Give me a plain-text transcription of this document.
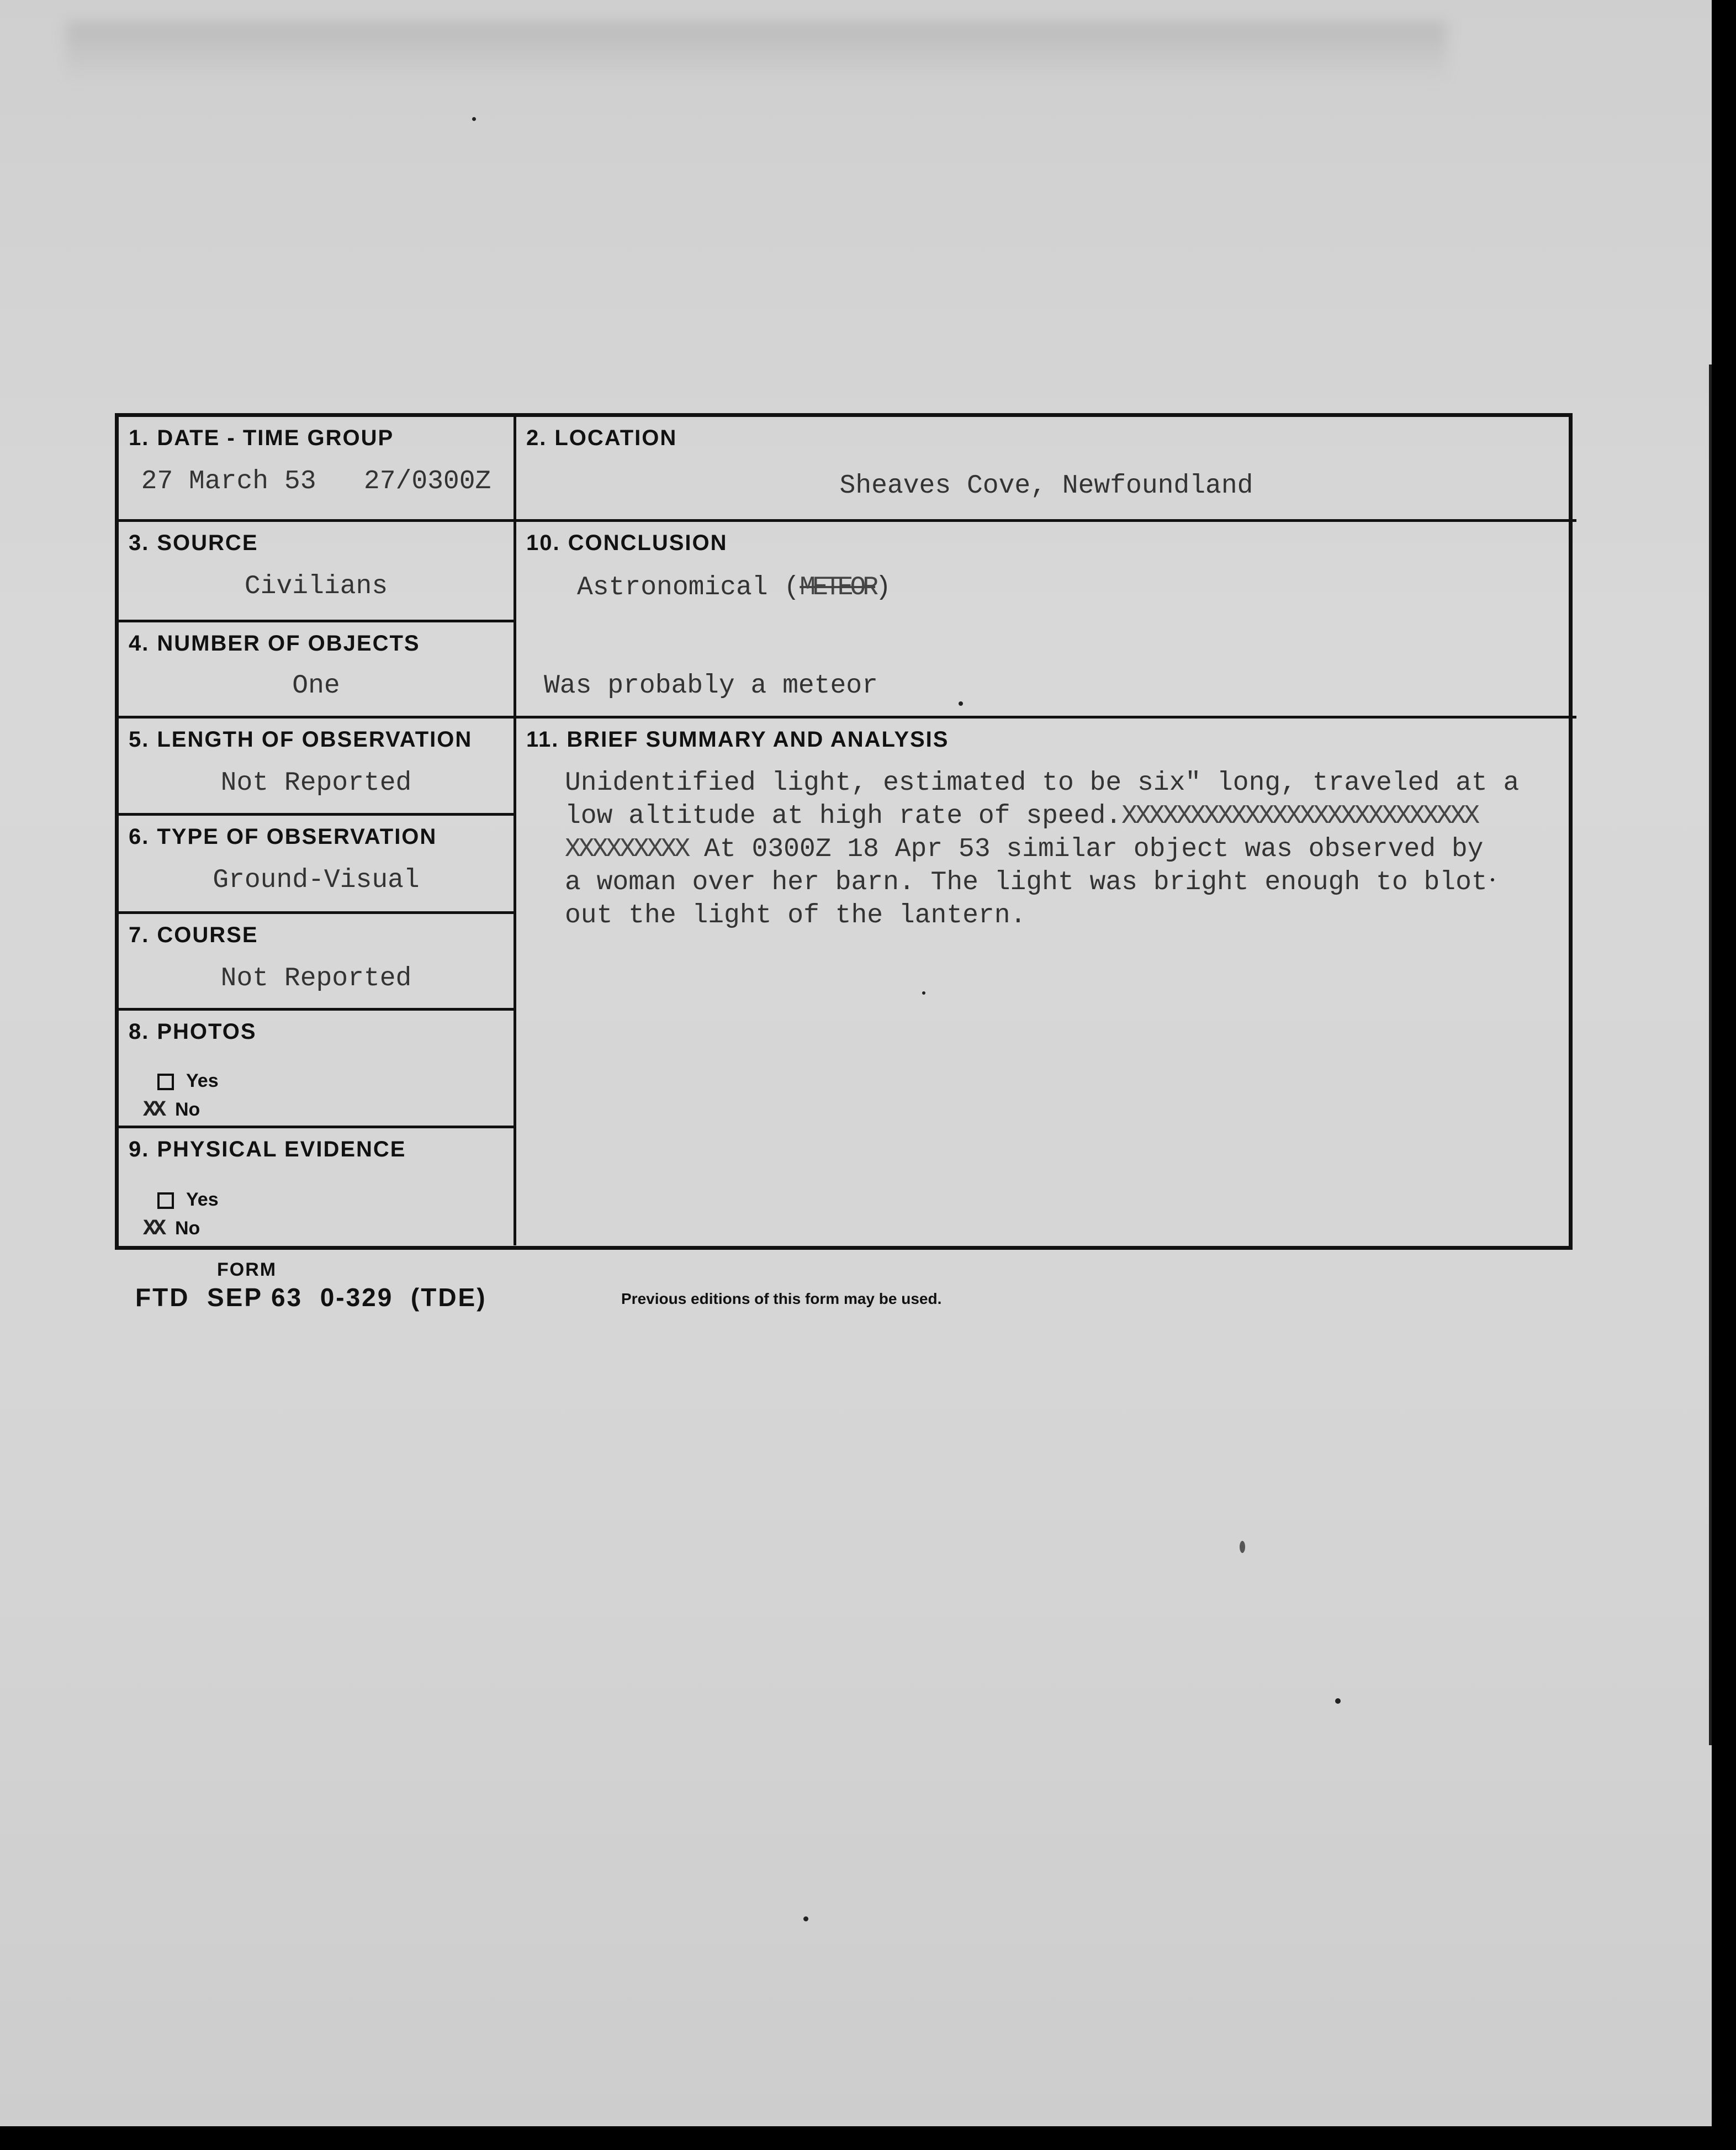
1. DATE - TIME GROUP
27 March 53   27/0300Z
2. LOCATION
Sheaves Cove, Newfoundland
3. SOURCE
Civilians
10. CONCLUSION
Astronomical (METEOR)
Was probably a meteor
4. NUMBER OF OBJECTS
One
5. LENGTH OF OBSERVATION
Not Reported
11. BRIEF SUMMARY AND ANALYSIS
Unidentified light, estimated to be six" long, traveled at a
low altitude at high rate of speed.XXXXXXXXXXXXXXXXXXXXXXXXXX
XXXXXXXXX At 0300Z 18 Apr 53 similar object was observed by
a woman over her barn. The light was bright enough to blot
out the light of the lantern.
6. TYPE OF OBSERVATION
Ground-Visual
7. COURSE
Not Reported
8. PHOTOS
Yes
XX No
9. PHYSICAL EVIDENCE
Yes
XX No
FORM
FTD  SEP 63  0-329  (TDE)	Previous editions of this form may be used.
